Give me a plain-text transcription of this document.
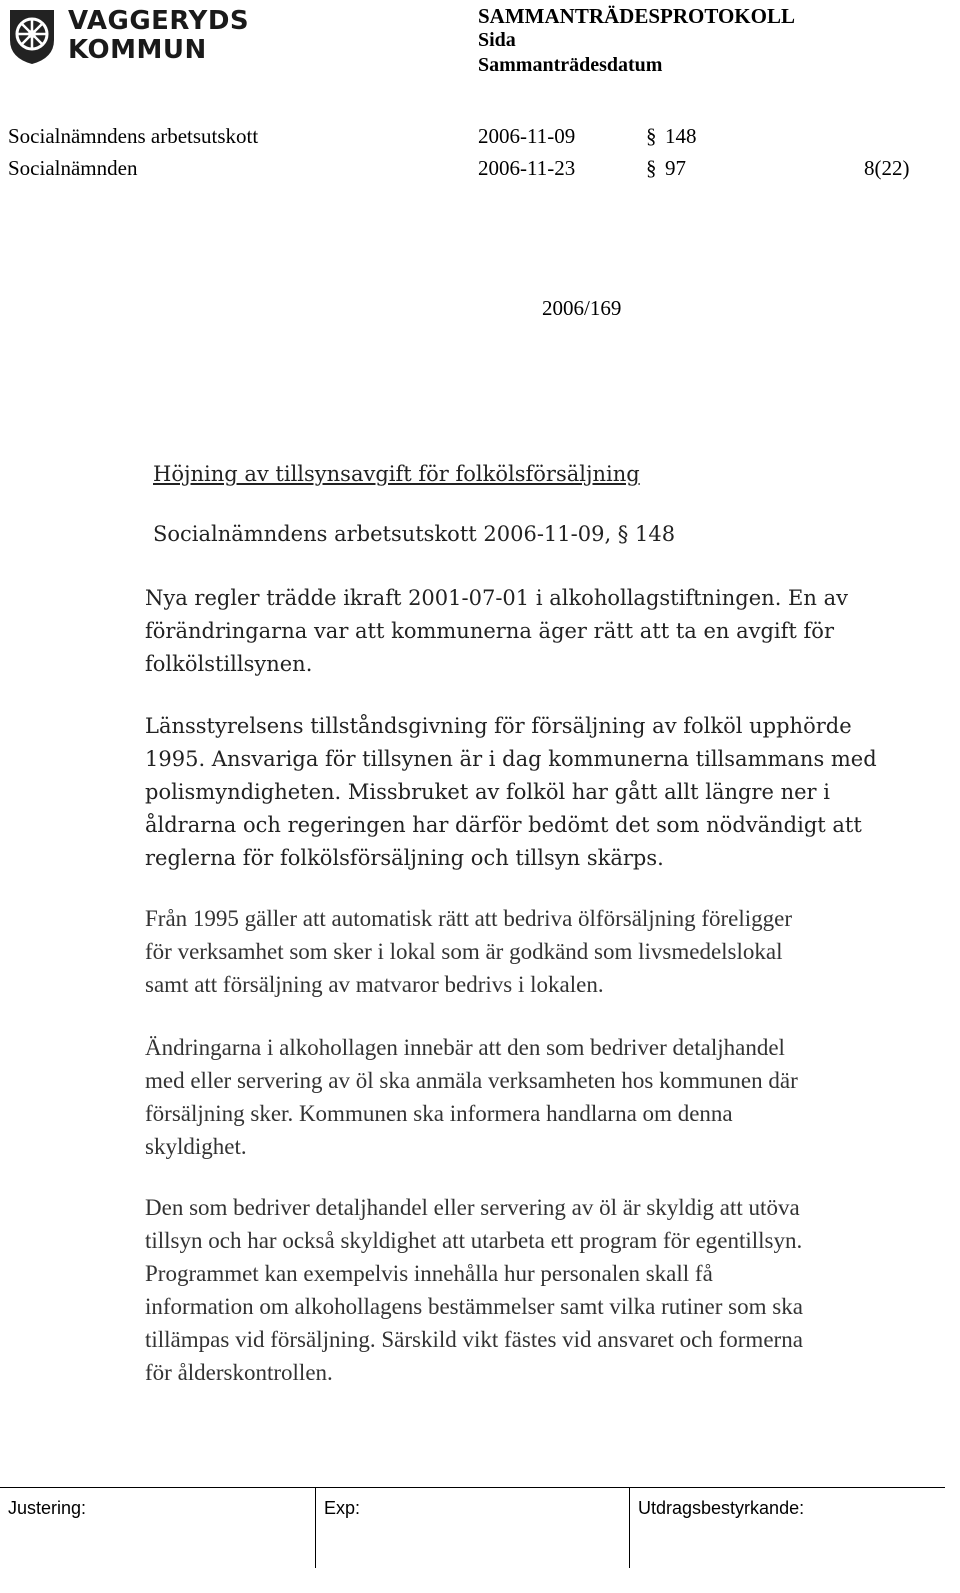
VAGGERYDS
KOMMUN
SAMMANTRÄDESPROTOKOLL
Sida
Sammanträdesdatum
Socialnämndens arbetsutskott	2006-11-09	§ 148
Socialnämnden	2006-11-23	§ 97	8(22)
2006/169
Höjning av tillsynsavgift för folkölsförsäljning
Socialnämndens arbetsutskott 2006-11-09, § 148
Nya regler trädde ikraft 2001-07-01 i alkohollagstiftningen. En av
förändringarna var att kommunerna äger rätt att ta en avgift för
folkölstillsynen.
Länsstyrelsens tillståndsgivning för försäljning av folköl upphörde
1995. Ansvariga för tillsynen är i dag kommunerna tillsammans med
polismyndigheten. Missbruket av folköl har gått allt längre ner i
åldrarna och regeringen har därför bedömt det som nödvändigt att
reglerna för folkölsförsäljning och tillsyn skärps.
Från 1995 gäller att automatisk rätt att bedriva ölförsäljning föreligger
för verksamhet som sker i lokal som är godkänd som livsmedelslokal
samt att försäljning av matvaror bedrivs i lokalen.
Ändringarna i alkohollagen innebär att den som bedriver detaljhandel
med eller servering av öl ska anmäla verksamheten hos kommunen där
försäljning sker. Kommunen ska informera handlarna om denna
skyldighet.
Den som bedriver detaljhandel eller servering av öl är skyldig att utöva
tillsyn och har också skyldighet att utarbeta ett program för egentillsyn.
Programmet kan exempelvis innehålla hur personalen skall få
information om alkohollagens bestämmelser samt vilka rutiner som ska
tillämpas vid försäljning. Särskild vikt fästes vid ansvaret och formerna
för ålderskontrollen.
Justering:	Exp:	Utdragsbestyrkande:
